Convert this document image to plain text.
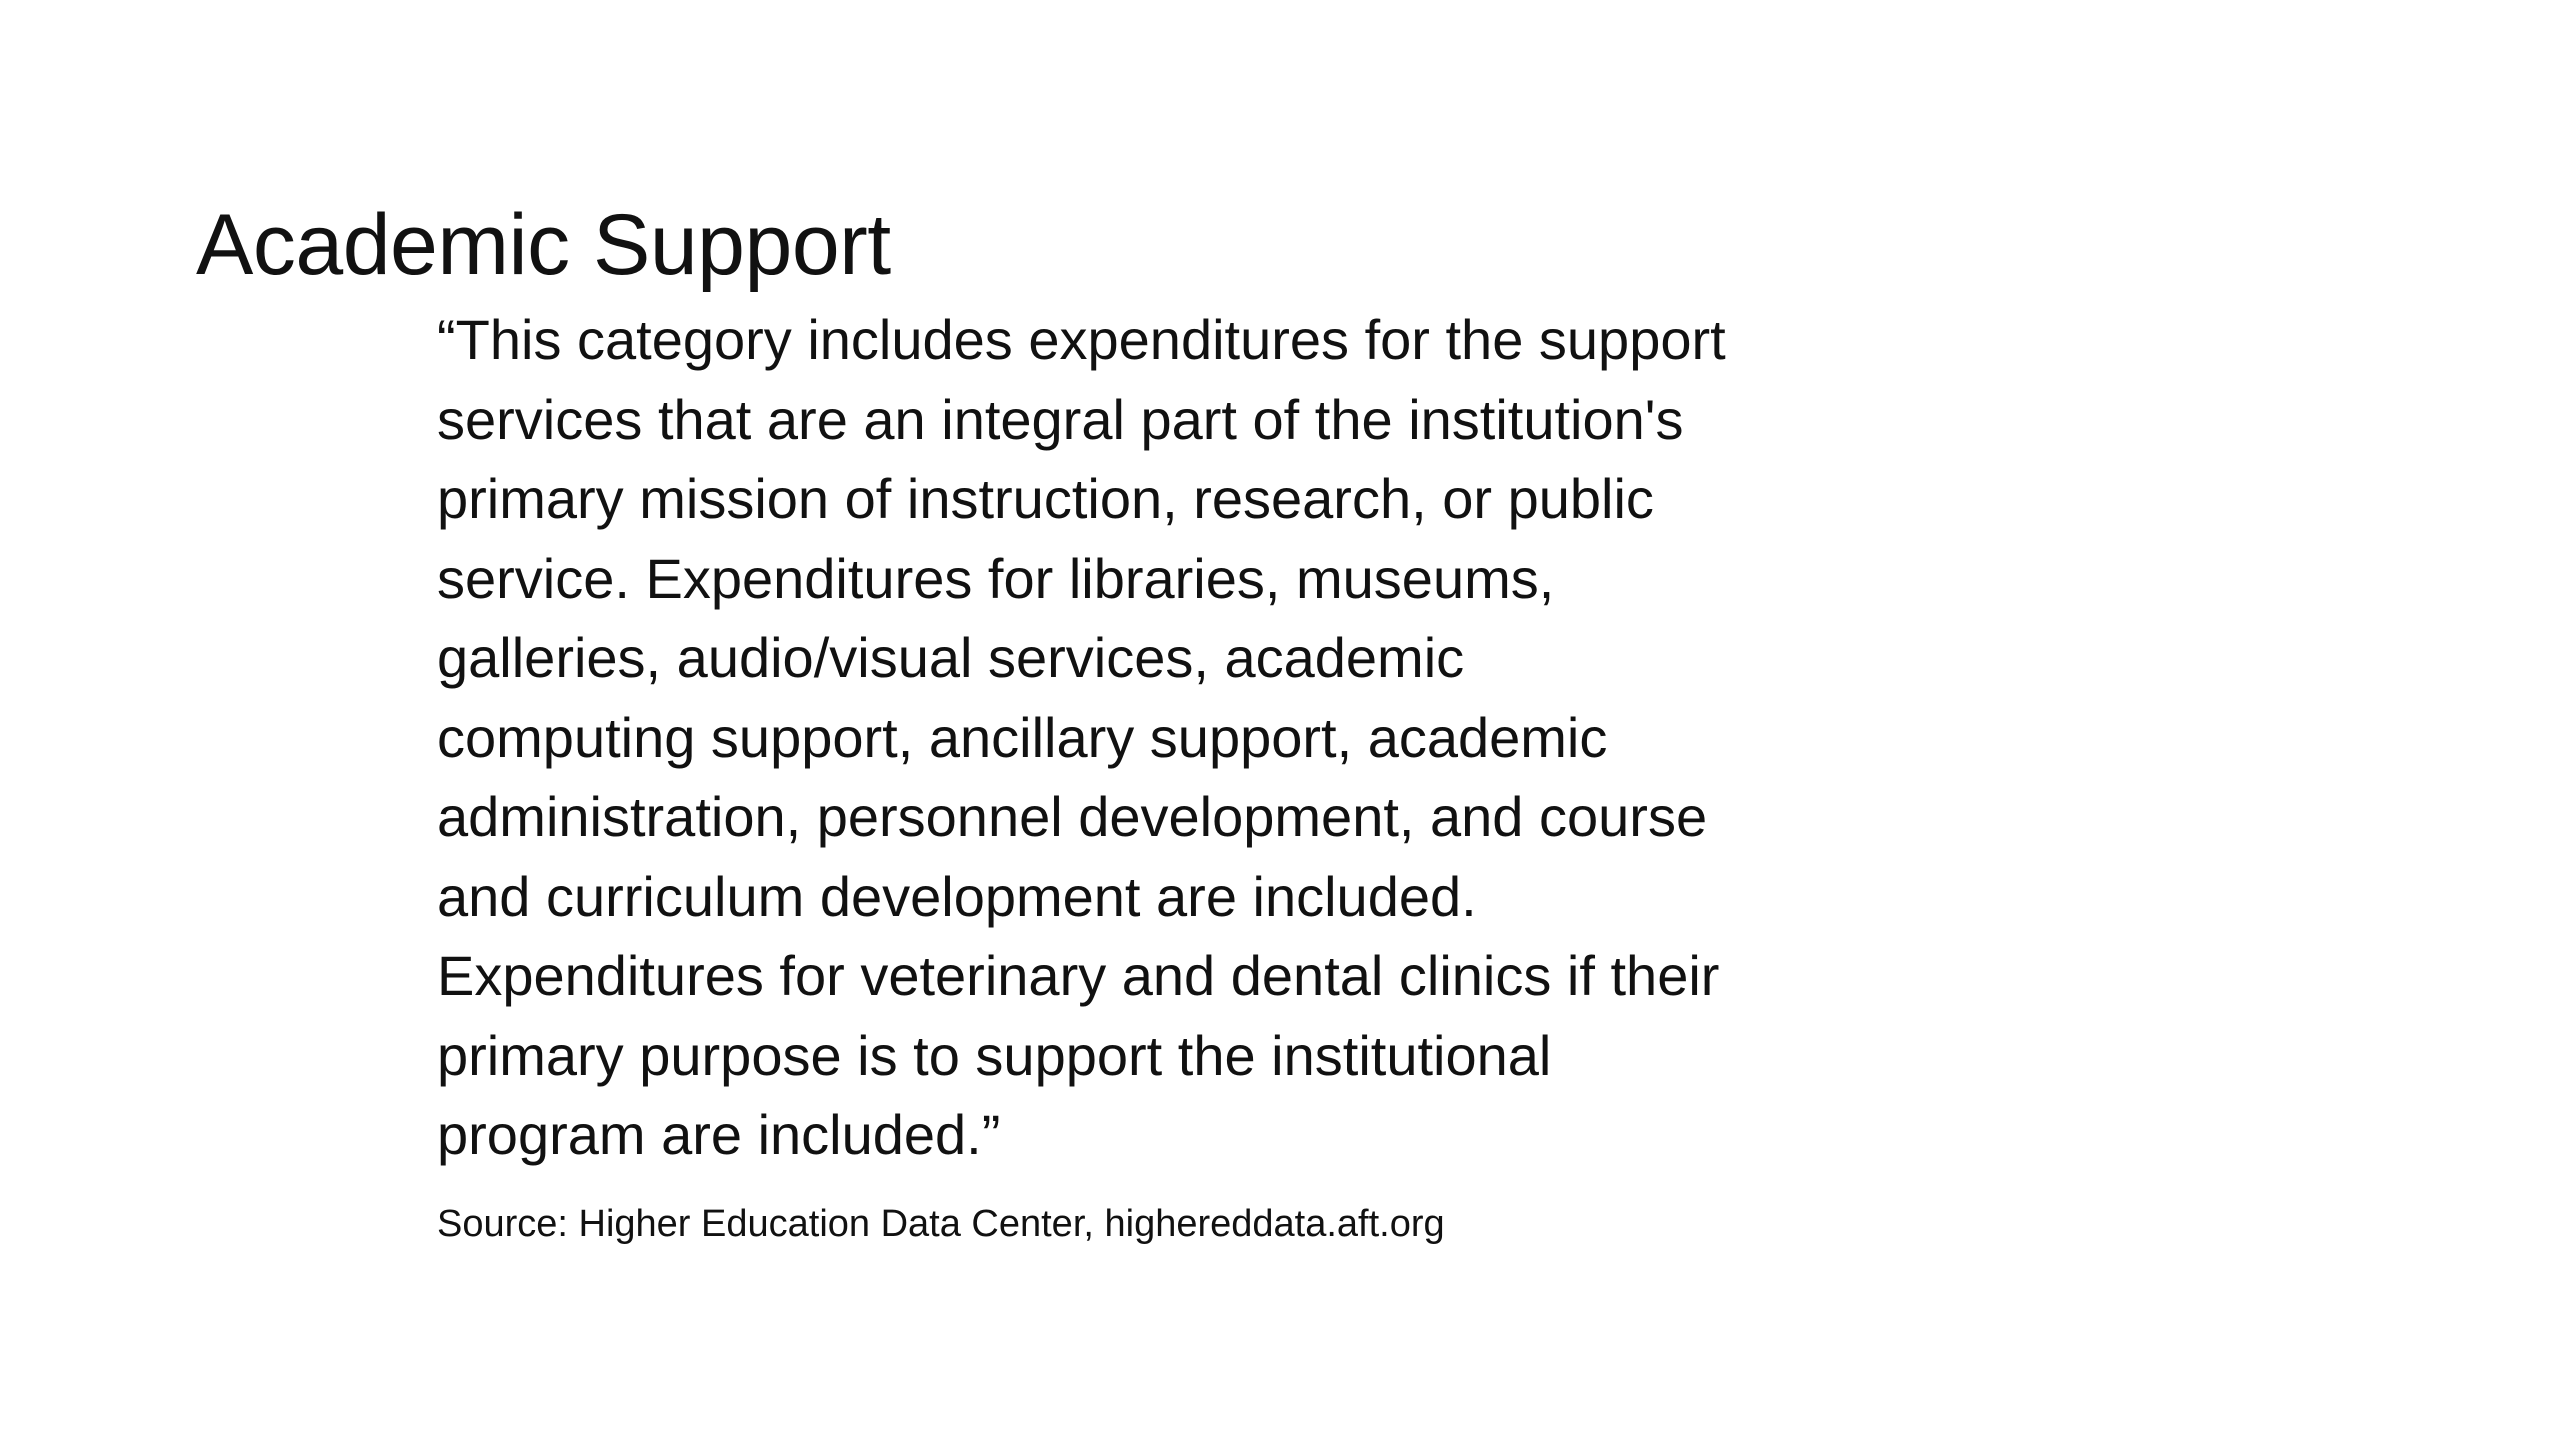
Academic Support

“This category includes expenditures for the support services that are an integral part of the institution's primary mission of instruction, research, or public service. Expenditures for libraries, museums, galleries, audio/visual services, academic computing support, ancillary support, academic administration, personnel development, and course and curriculum development are included. Expenditures for veterinary and dental clinics if their primary purpose is to support the institutional program are included.”

Source: Higher Education Data Center, highereddata.aft.org
